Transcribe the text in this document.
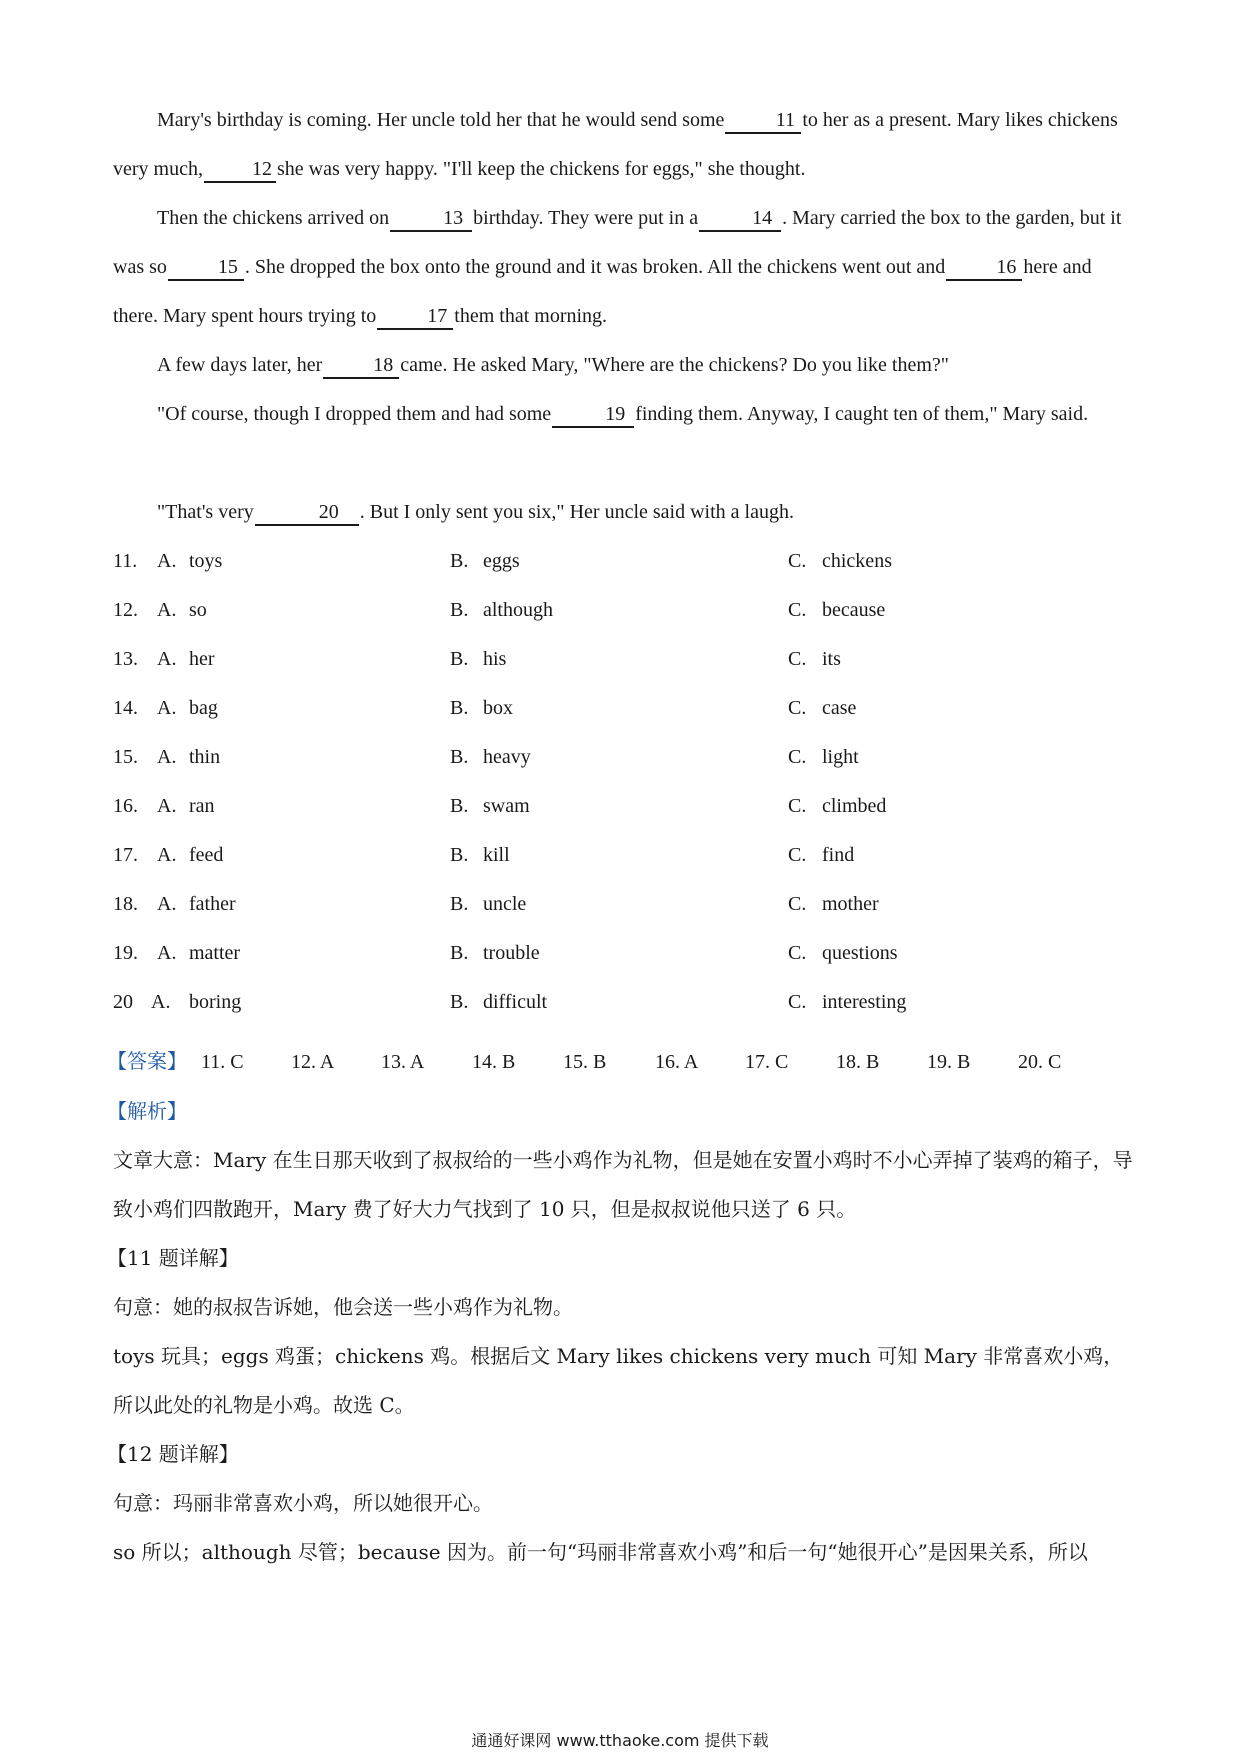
Mary's birthday is coming. Her uncle told her that he would send some	11 to her as a present. Mary likes chickens very much, 12 she was very happy. "I'll keep the chickens for eggs," she thought.

Then the chickens arrived on	13 birthday. They were put in a	14 . Mary carried the box to the garden, but it was so	15 . She dropped the box onto the ground and it was broken. All the chickens went out and	16 here and there. Mary spent hours trying to	17 them that morning.

A few days later, her	18 came. He asked Mary, "Where are the chickens? Do you like them?"

"Of course, though I dropped them and had some	19 finding them. Anyway, I caught ten of them," Mary said.

"That's very	20 . But I only sent you six," Her uncle said with a laugh.

11. A. toys	B. eggs	C. chickens
12. A. so	B. although	C. because
13. A. her	B. his	C. its
14. A. bag	B. box	C. case
15. A. thin	B. heavy	C. light
16. A. ran	B. swam	C. climbed
17. A. feed	B. kill	C. find
18. A. father	B. uncle	C. mother
19. A. matter	B. trouble	C. questions
20 A. boring	B. difficult	C. interesting
【答案】 11. C 12. A 13. A 14. B 15. B 16. A 17. C 18. B 19. B 20. C

【解析】

文章大意：Mary 在生日那天收到了叔叔给的一些小鸡作为礼物，但是她在安置小鸡时不小心弄掉了装鸡的箱子，导致小鸡们四散跑开，Mary 费了好大力气找到了 10 只，但是叔叔说他只送了 6 只。

【11 题详解】

句意：她的叔叔告诉她，他会送一些小鸡作为礼物。

toys 玩具；eggs 鸡蛋；chickens 鸡。根据后文 Mary likes chickens very much 可知 Mary 非常喜欢小鸡，所以此处的礼物是小鸡。故选 C。

【12 题详解】

句意：玛丽非常喜欢小鸡，所以她很开心。

so 所以；although 尽管；because 因为。前一句“玛丽非常喜欢小鸡”和后一句“她很开心”是因果关系，所以

通通好课网 www.tthaoke.com 提供下载
